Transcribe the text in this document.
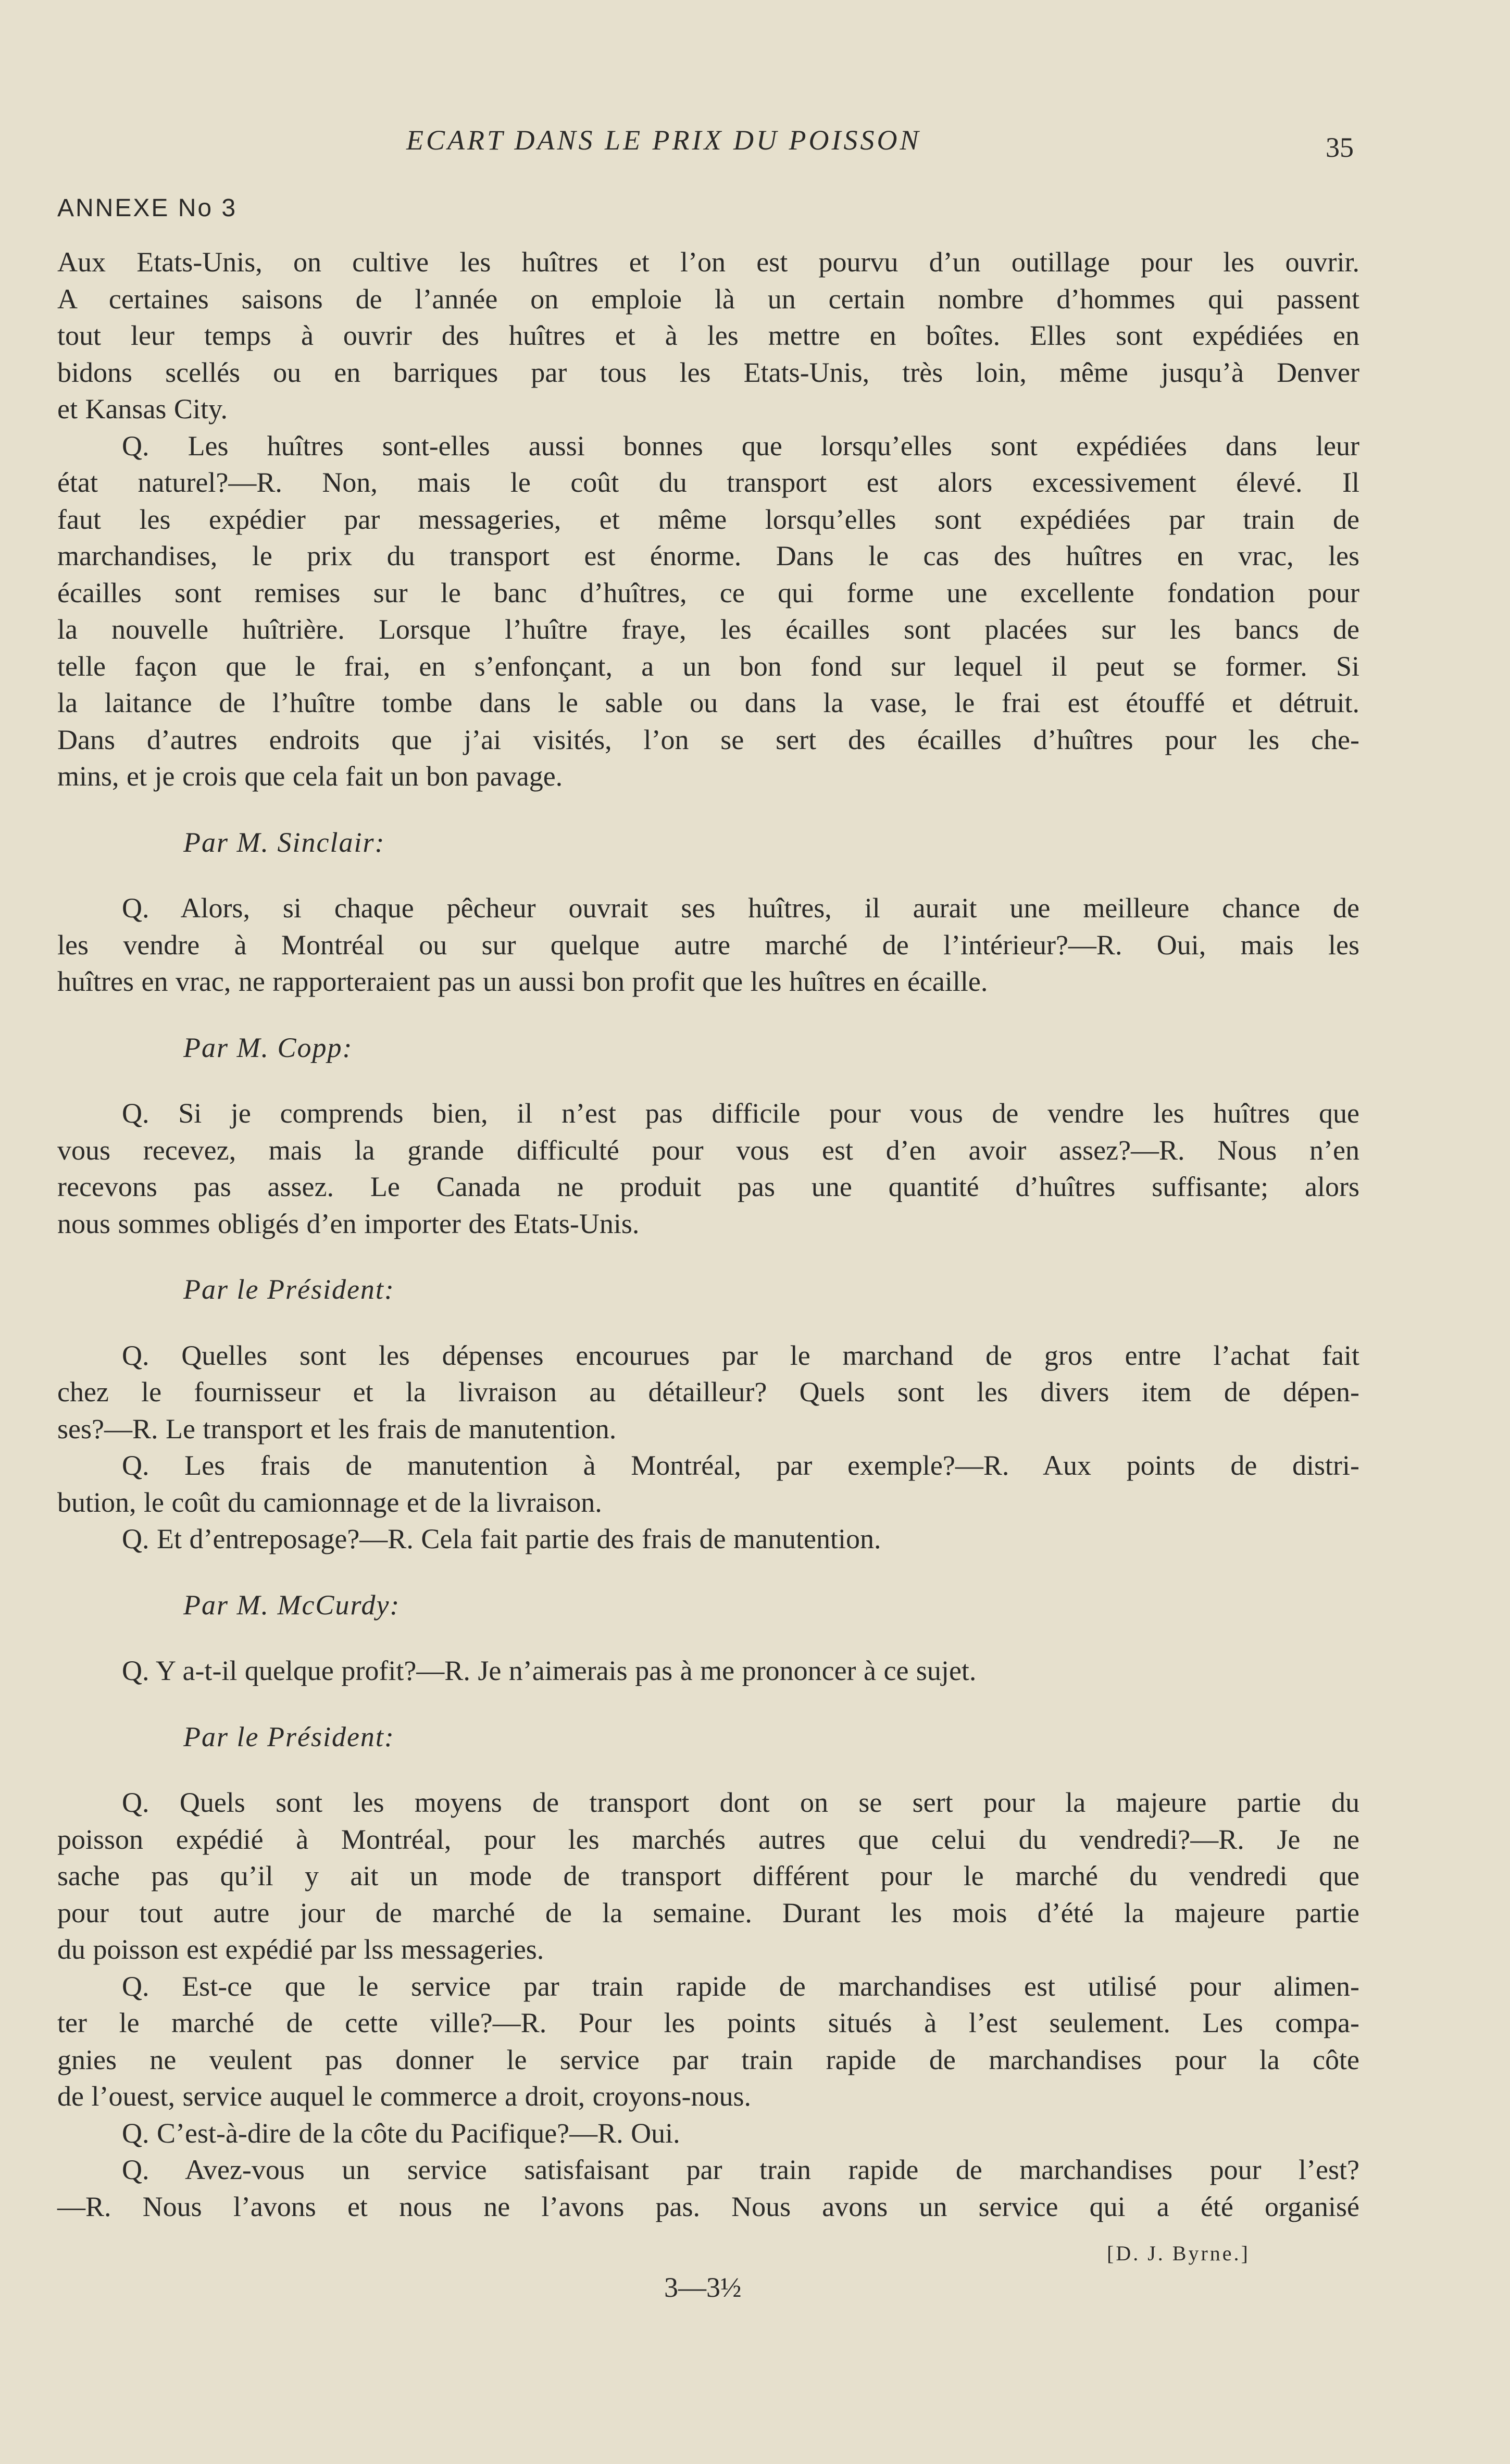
ECART DANS LE PRIX DU POISSON	35
ANNEXE No 3

Aux Etats-Unis, on cultive les huîtres et l’on est pourvu d’un outillage pour les ouvrir.

A certaines saisons de l’année on emploie là un certain nombre d’hommes qui passent

tout leur temps à ouvrir des huîtres et à les mettre en boîtes. Elles sont expédiées en

bidons scellés ou en barriques par tous les Etats-Unis, très loin, même jusqu’à Denver

et Kansas City.

Q. Les huîtres sont-elles aussi bonnes que lorsqu’elles sont expédiées dans leur

état naturel?—R. Non, mais le coût du transport est alors excessivement élevé. Il

faut les expédier par messageries, et même lorsqu’elles sont expédiées par train de

marchandises, le prix du transport est énorme. Dans le cas des huîtres en vrac, les

écailles sont remises sur le banc d’huîtres, ce qui forme une excellente fondation pour

la nouvelle huîtrière. Lorsque l’huître fraye, les écailles sont placées sur les bancs de

telle façon que le frai, en s’enfonçant, a un bon fond sur lequel il peut se former. Si

la laitance de l’huître tombe dans le sable ou dans la vase, le frai est étouffé et détruit.

Dans d’autres endroits que j’ai visités, l’on se sert des écailles d’huîtres pour les che-

mins, et je crois que cela fait un bon pavage.

Par M. Sinclair:

Q. Alors, si chaque pêcheur ouvrait ses huîtres, il aurait une meilleure chance de

les vendre à Montréal ou sur quelque autre marché de l’intérieur?—R. Oui, mais les

huîtres en vrac, ne rapporteraient pas un aussi bon profit que les huîtres en écaille.

Par M. Copp:

Q. Si je comprends bien, il n’est pas difficile pour vous de vendre les huîtres que

vous recevez, mais la grande difficulté pour vous est d’en avoir assez?—R. Nous n’en

recevons pas assez. Le Canada ne produit pas une quantité d’huîtres suffisante; alors

nous sommes obligés d’en importer des Etats-Unis.

Par le Président:

Q. Quelles sont les dépenses encourues par le marchand de gros entre l’achat fait

chez le fournisseur et la livraison au détailleur? Quels sont les divers item de dépen-

ses?—R. Le transport et les frais de manutention.

Q. Les frais de manutention à Montréal, par exemple?—R. Aux points de distri-

bution, le coût du camionnage et de la livraison.

Q. Et d’entreposage?—R. Cela fait partie des frais de manutention.

Par M. McCurdy:

Q. Y a-t-il quelque profit?—R. Je n’aimerais pas à me prononcer à ce sujet.

Par le Président:

Q. Quels sont les moyens de transport dont on se sert pour la majeure partie du

poisson expédié à Montréal, pour les marchés autres que celui du vendredi?—R. Je ne

sache pas qu’il y ait un mode de transport différent pour le marché du vendredi que

pour tout autre jour de marché de la semaine. Durant les mois d’été la majeure partie

du poisson est expédié par lss messageries.

Q. Est-ce que le service par train rapide de marchandises est utilisé pour alimen-

ter le marché de cette ville?—R. Pour les points situés à l’est seulement. Les compa-

gnies ne veulent pas donner le service par train rapide de marchandises pour la côte

de l’ouest, service auquel le commerce a droit, croyons-nous.

Q. C’est-à-dire de la côte du Pacifique?—R. Oui.

Q. Avez-vous un service satisfaisant par train rapide de marchandises pour l’est?

—R. Nous l’avons et nous ne l’avons pas. Nous avons un service qui a été organisé

[D. J. Byrne.]
3—3½
